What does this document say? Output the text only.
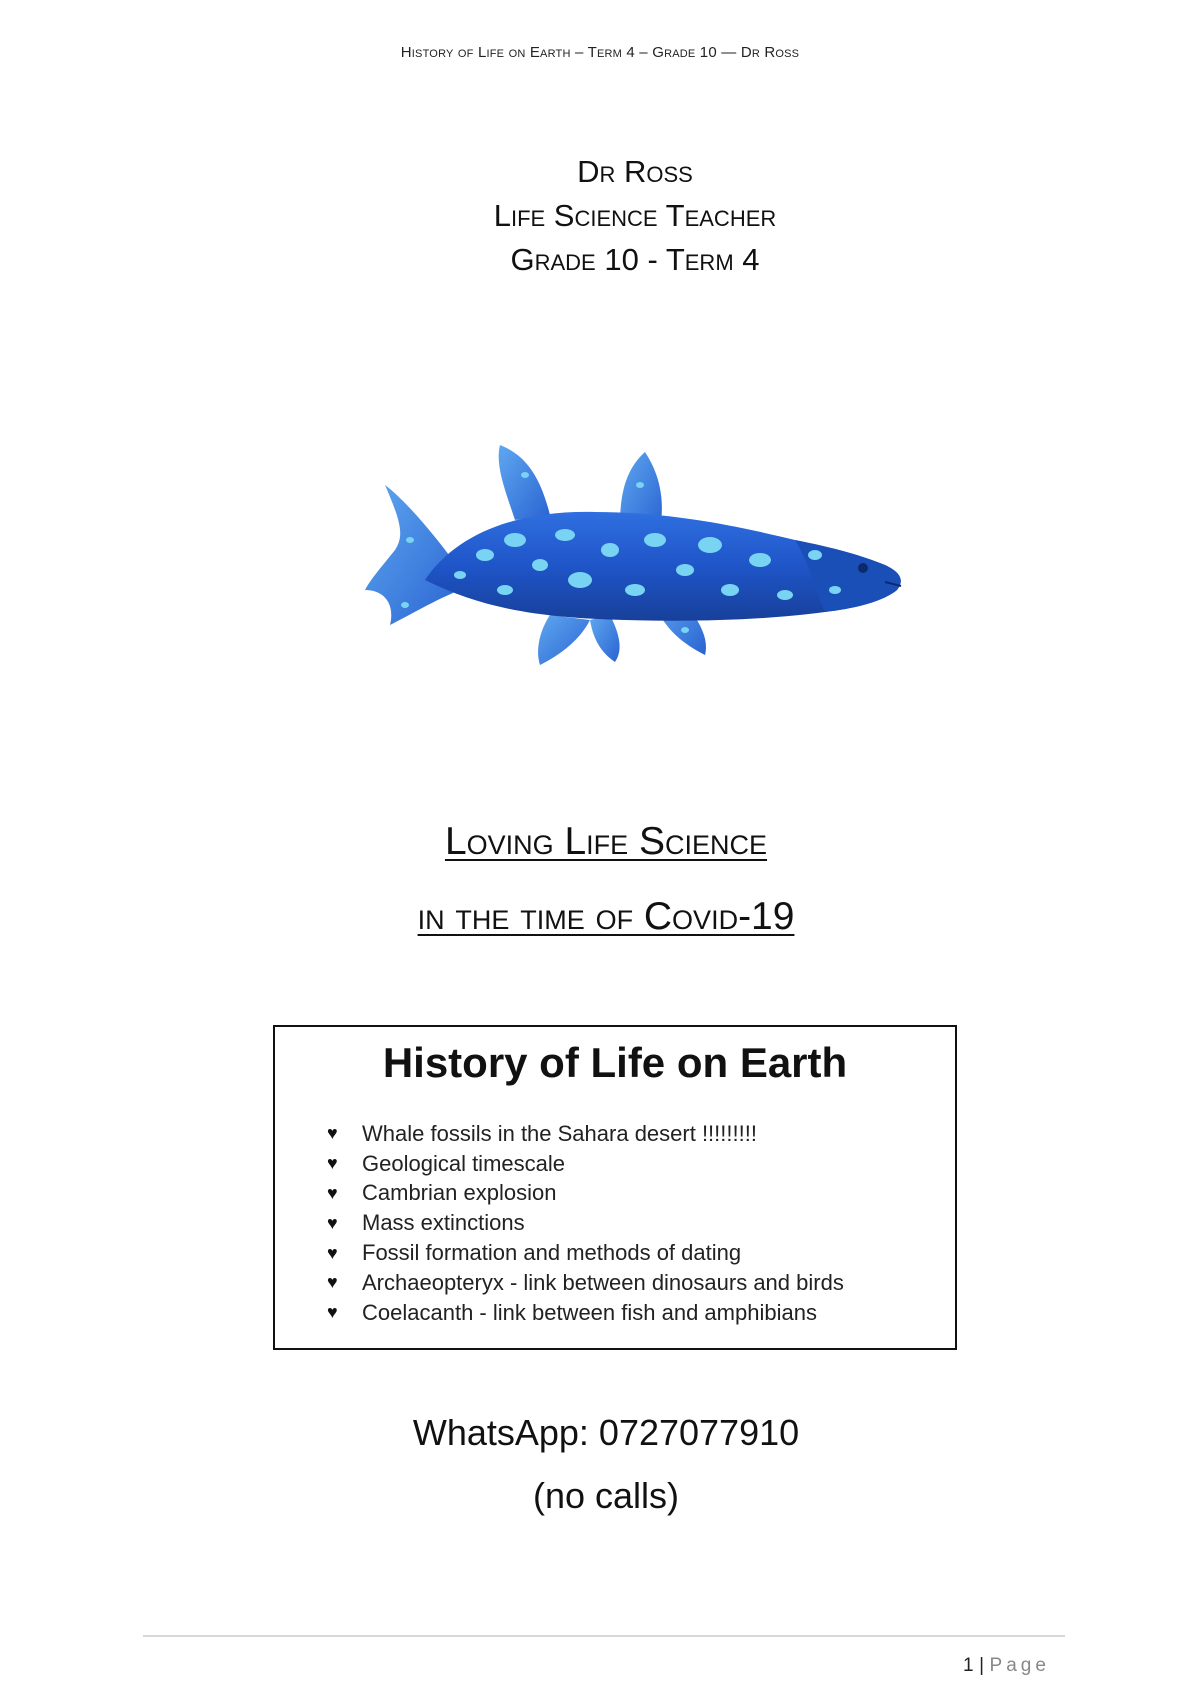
History of Life on Earth – Term 4 – Grade 10 — Dr Ross
Dr Ross
Life Science Teacher
Grade 10 - Term 4
Loving Life Science
in the time of Covid-19
History of Life on Earth
♥	Whale fossils in the Sahara desert !!!!!!!!!
♥	Geological timescale
♥	Cambrian explosion
♥	Mass extinctions
♥	Fossil formation and methods of dating
♥	Archaeopteryx - link between dinosaurs and birds
♥	Coelacanth - link between fish and amphibians
WhatsApp: 0727077910
(no calls)
1 | Page
